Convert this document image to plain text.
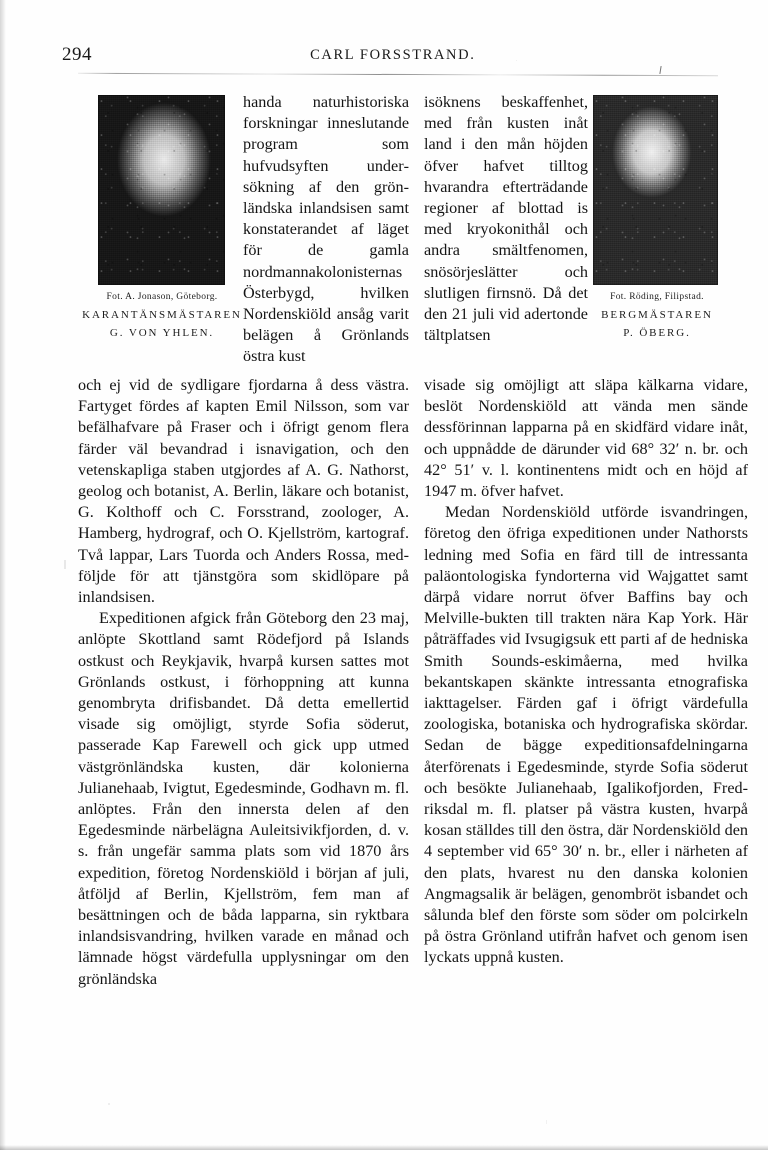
294	CARL FORSSTRAND.
Fot. A. Jonason, Göteborg.
KARANTÄNSMÄSTAREN
G. VON YHLEN.
Fot. Röding, Filipstad.
BERGMÄSTAREN
P. ÖBERG.

handa naturhistoriska forskningar inneslutande program som hufvudsyften undersökning af den grönländska inlandsisen samt konstaterandet af läget för de gamla nordmannakolonisternas Österbygd, hvilken Nordenskiöld ansåg varit belägen å Grönlands östra kust

isöknens beskaffenhet, med från kusten inåt land i den mån höjden öfver hafvet tilltog hvarandra efterträdande regioner af blottad is med kryokonithål och andra smältfenomen, snösörjeslätter och slutligen firnsnö. Då det den 21 juli vid adertonde tältplatsen

och ej vid de sydligare fjordarna å dess västra. Fartyget fördes af kapten Emil Nilsson, som var befälhafvare på Fraser och i öfrigt genom flera färder väl bevandrad i isnavigation, och den vetenskapliga staben utgjordes af A. G. Nathorst, geolog och botanist, A. Berlin, läkare och botanist, G. Kolthoff och C. Forsstrand, zoologer, A. Hamberg, hydrograf, och O. Kjellström, kartograf. Två lappar, Lars Tuorda och Anders Rossa, medföljde för att tjänstgöra som skidlöpare på inlandsisen.

Expeditionen afgick från Göteborg den 23 maj, anlöpte Skottland samt Rödefjord på Islands ostkust och Reykjavik, hvarpå kursen sattes mot Grönlands ostkust, i förhoppning att kunna genombryta drifisbandet. Då detta emellertid visade sig omöjligt, styrde Sofia söderut, passerade Kap Farewell och gick upp utmed västgrönländska kusten, där kolonierna Julianehaab, Ivigtut, Egedesminde, Godhavn m. fl. anlöptes. Från den innersta delen af den Egedesminde närbelägna Auleitsivikfjorden, d. v. s. från ungefär samma plats som vid 1870 års expedition, företog Nordenskiöld i början af juli, åtföljd af Berlin, Kjellström, fem man af besättningen och de båda lapparna, sin ryktbara inlandsisvandring, hvilken varade en månad och lämnade högst värdefulla upplysningar om den grönländska

visade sig omöjligt att släpa kälkarna vidare, beslöt Nordenskiöld att vända men sände dessförinnan lapparna på en skidfärd vidare inåt, och uppnådde de därunder vid 68° 32′ n. br. och 42° 51′ v. l. kontinentens midt och en höjd af 1947 m. öfver hafvet.

Medan Nordenskiöld utförde isvandringen, företog den öfriga expeditionen under Nathorsts ledning med Sofia en färd till de intressanta paläontologiska fyndorterna vid Wajgattet samt därpå vidare norrut öfver Baffins bay och Melville-bukten till trakten nära Kap York. Här påträffades vid Ivsugigsuk ett parti af de hedniska Smith Sounds-eskimåerna, med hvilka bekantskapen skänkte intressanta etnografiska iakttagelser. Färden gaf i öfrigt värdefulla zoologiska, botaniska och hydrografiska skördar. Sedan de bägge expeditionsafdelningarna återförenats i Egedesminde, styrde Sofia söderut och besökte Julianehaab, Igalikofjorden, Fredriksdal m. fl. platser på västra kusten, hvarpå kosan ställdes till den östra, där Nordenskiöld den 4 september vid 65° 30′ n. br., eller i närheten af den plats, hvarest nu den danska kolonien Angmagsalik är belägen, genombröt isbandet och sålunda blef den förste som söder om polcirkeln på östra Grönland utifrån hafvet och genom isen lyckats uppnå kusten.
